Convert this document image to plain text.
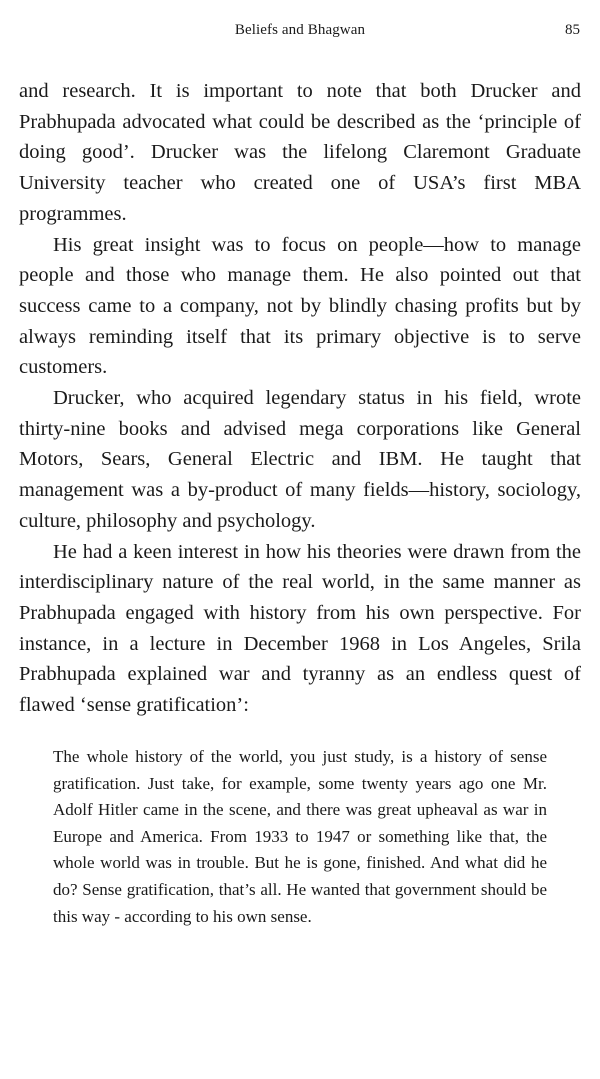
Beliefs and Bhagwan	85

and research. It is important to note that both Drucker and Prabhupada advocated what could be described as the ‘principle of doing good’. Drucker was the lifelong Claremont Graduate University teacher who created one of USA’s first MBA programmes.

His great insight was to focus on people—how to manage people and those who manage them. He also pointed out that success came to a company, not by blindly chasing profits but by always reminding itself that its primary objective is to serve customers.

Drucker, who acquired legendary status in his field, wrote thirty-nine books and advised mega corporations like General Motors, Sears, General Electric and IBM. He taught that management was a by-product of many fields—history, sociology, culture, philosophy and psychology.

He had a keen interest in how his theories were drawn from the interdisciplinary nature of the real world, in the same manner as Prabhupada engaged with history from his own perspective. For instance, in a lecture in December 1968 in Los Angeles, Srila Prabhupada explained war and tyranny as an endless quest of flawed ‘sense gratification’:

The whole history of the world, you just study, is a history of sense gratification. Just take, for example, some twenty years ago one Mr. Adolf Hitler came in the scene, and there was great upheaval as war in Europe and America. From 1933 to 1947 or something like that, the whole world was in trouble. But he is gone, finished. And what did he do? Sense gratification, that’s all. He wanted that government should be this way - according to his own sense.
